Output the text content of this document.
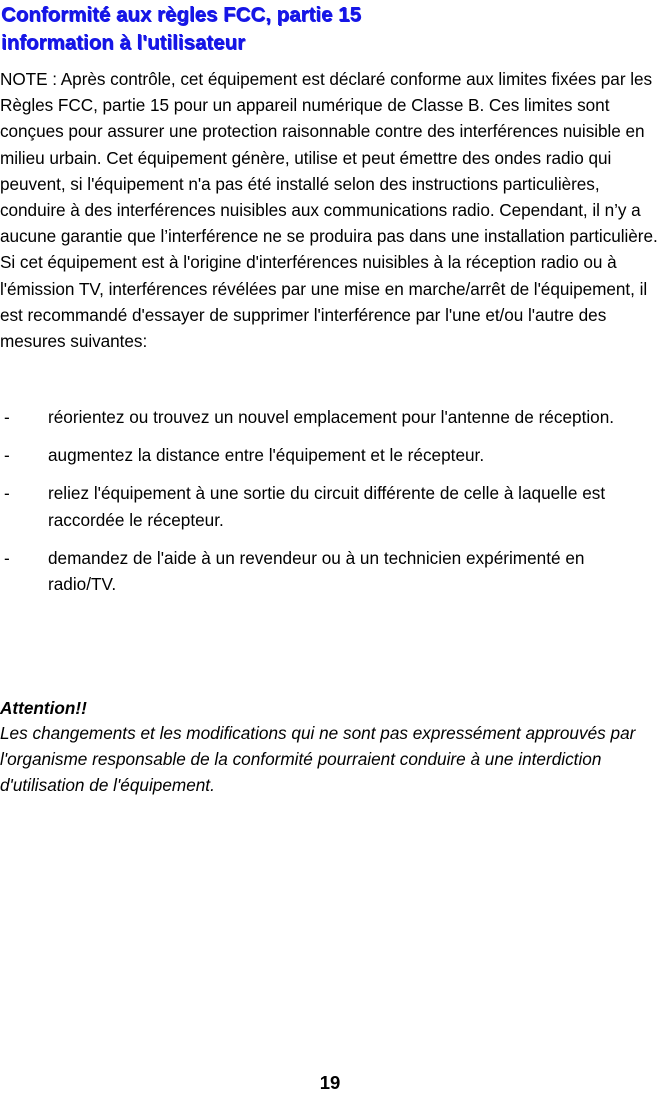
Conformité aux règles FCC, partie 15
information à l'utilisateur

NOTE : Après contrôle, cet équipement est déclaré conforme aux limites fixées par les Règles FCC, partie 15 pour un appareil numérique de Classe B. Ces limites sont conçues pour assurer une protection raisonnable contre des interférences nuisible en milieu urbain. Cet équipement génère, utilise et peut émettre des ondes radio qui peuvent, si l'équipement n'a pas été installé selon des instructions particulières, conduire à des interférences nuisibles aux communications radio. Cependant, il n’y a aucune garantie que l’interférence ne se produira pas dans une installation particulière. Si cet équipement est à l'origine d'interférences nuisibles à la réception radio ou à l'émission TV, interférences révélées par une mise en marche/arrêt de l'équipement, il est recommandé d'essayer de supprimer l'interférence par l'une et/ou l'autre des mesures suivantes:

- réorientez ou trouvez un nouvel emplacement pour l'antenne de réception.
- augmentez la distance entre l'équipement et le récepteur.
- reliez l'équipement à une sortie du circuit différente de celle à laquelle est raccordée le récepteur.
- demandez de l'aide à un revendeur ou à un technicien expérimenté en radio/TV.

Attention!!

Les changements et les modifications qui ne sont pas expressément approuvés par l'organisme responsable de la conformité pourraient conduire à une interdiction d'utilisation de l'équipement.

19
